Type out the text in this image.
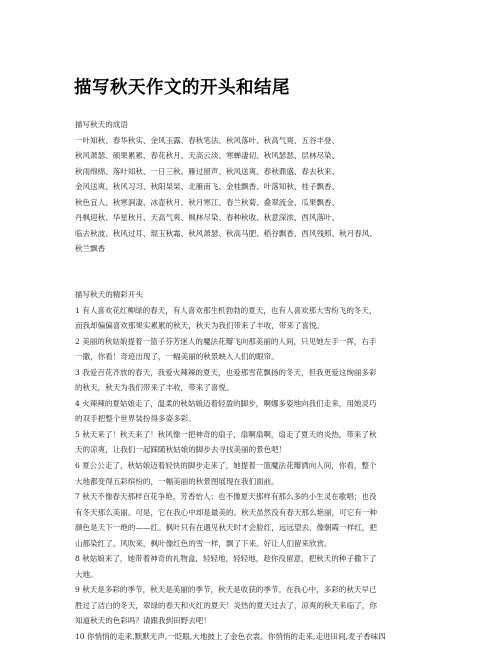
描写秋天作文的开头和结尾
描写秋天的成语
一叶知秋、春华秋实、金风玉露、春秋笔法、秋风落叶、秋高气爽、五谷丰登、
秋风萧瑟、硕果累累、春花秋月、天高云淡、寒蝉凄切、秋风瑟瑟、层林尽染、
秋雨绵绵、落叶知秋、一日三秋、雁过留声、秋风送爽、春秋鼎盛、春去秋来、
金风送爽、秋风习习、秋阳杲杲、北雁南飞、金桂飘香、叶落知秋、桂子飘香、
秋色宜人、秋寒涧凄、冰壶秋月、秋月寒江、春兰秋菊、叠翠流金、瓜果飘香、
丹枫迎秋、华星秋月、天高气爽、枫林尽染、春种秋收、秋意深浓、西风落叶、
临去秋波、秋风过耳、琨玉秋霜、秋风萧瑟、秋高马肥、稻谷飘香、西风残照、秋月春风、
秋兰飘香
描写秋天的精彩开头
1 有人喜欢花红柳绿的春天，有人喜欢那生机勃勃的夏天，也有人喜欢那大雪纷飞的冬天，
而我却偏偏喜欢那果实累累的秋天，秋天为我们带来了丰收，带来了喜悦。
2 美丽的秋姑娘提着一篮子芬芳迷人的魔法花瓣飞向那美丽的人间，只见她左手一挥，右手
一撒，你看！奇迹出现了，一幅美丽的秋景映入人们的眼帘。
3 我爱百花齐放的春天，我爱火辣辣的夏天，也爱那雪花飘扬的冬天，但我更爱这绚丽多彩
的秋天，秋天为我们带来了丰收，带来了喜悦。
4 火辣辣的夏姑娘走了，温柔的秋姑娘迈着轻盈的脚步，啊娜多姿地向我们走来，用她灵巧
的双手把整个世界装扮得多姿多彩。
5 秋天来了！秋天来了！秋风像一把神奇的扇子，扇啊扇啊，扇走了夏天的炎热，带来了秋
天的凉爽，让我们一起踩随秋姑娘的脚步去寻找美丽的景色吧！
6 夏公公走了，秋姑娘迈着轻快的脚步走来了，她提着一篮魔法花瓣洒向人间，你看，整个
大地都变得五彩缤纷的，一幅美丽的秋景图展现在我们面前。
7 秋天不像春天那样百花争艳，芳香怡人；也不像夏天那样有那么多的小生灵在歌唱；也没
有冬天那么美丽。可是，它在我心中却是最美的。秋天虽然没有春天那么艳丽，可它有一种
颜色是天下一绝的——红。枫叶只有在遇见秋天时才会脸红，远远望去，像朝霞一样红，把
山都染红了。风吹来，枫叶像红色的雪一样，飘了下来。好让人们留来欣赏。
8 秋姑娘来了，她带着神奇的礼物盒，轻轻地，轻轻地，趁你没留意，把秋天的种子撒下了
大地。
9 秋天是多彩的季节，秋天是美丽的季节，秋天是收获的季节。在我心中，多彩的秋天早已
胜过了洁白的冬天，翠绿的春天和火红的夏天！炎热的夏天过去了，凉爽的秋天来临了，你
知道秋天的色彩吗？请跟我到田野去吧！
10 你悄悄的走来,默默无声,一眨眼,大地披上了金色衣裳。你悄悄的走来,走进田间,麦子香味四
